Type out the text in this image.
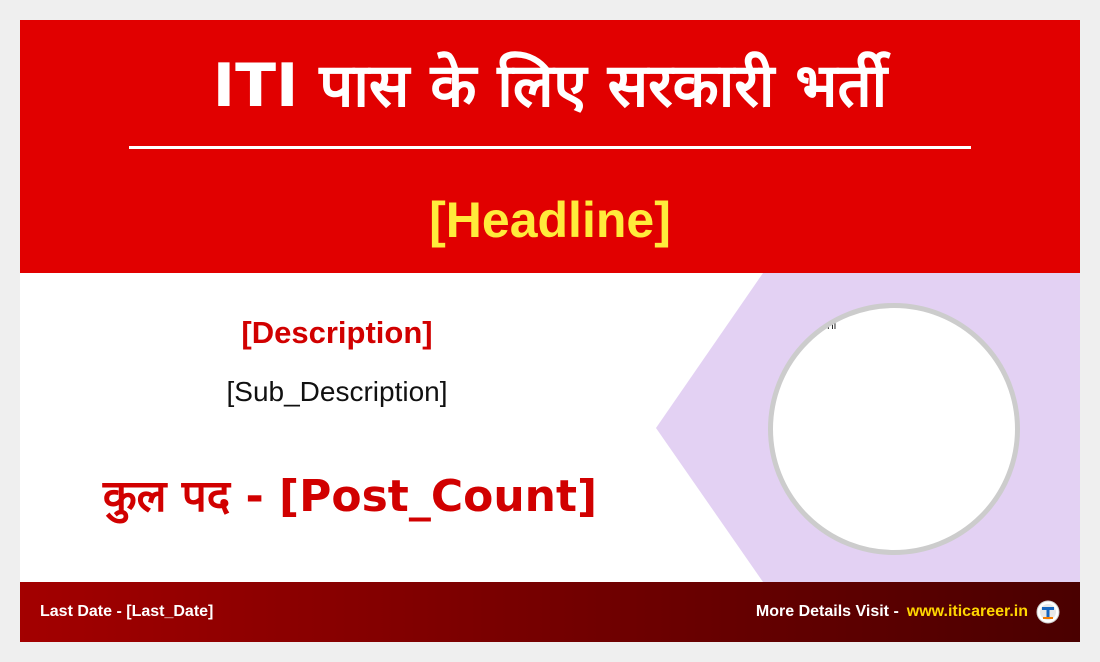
ITI पास के लिए सरकारी भर्ती
[Headline]
[Description]
[Sub_Description]
कुल पद - [Post_Count]
Til
Last Date - [Last_Date]	More Details Visit - www.iticareer.in
